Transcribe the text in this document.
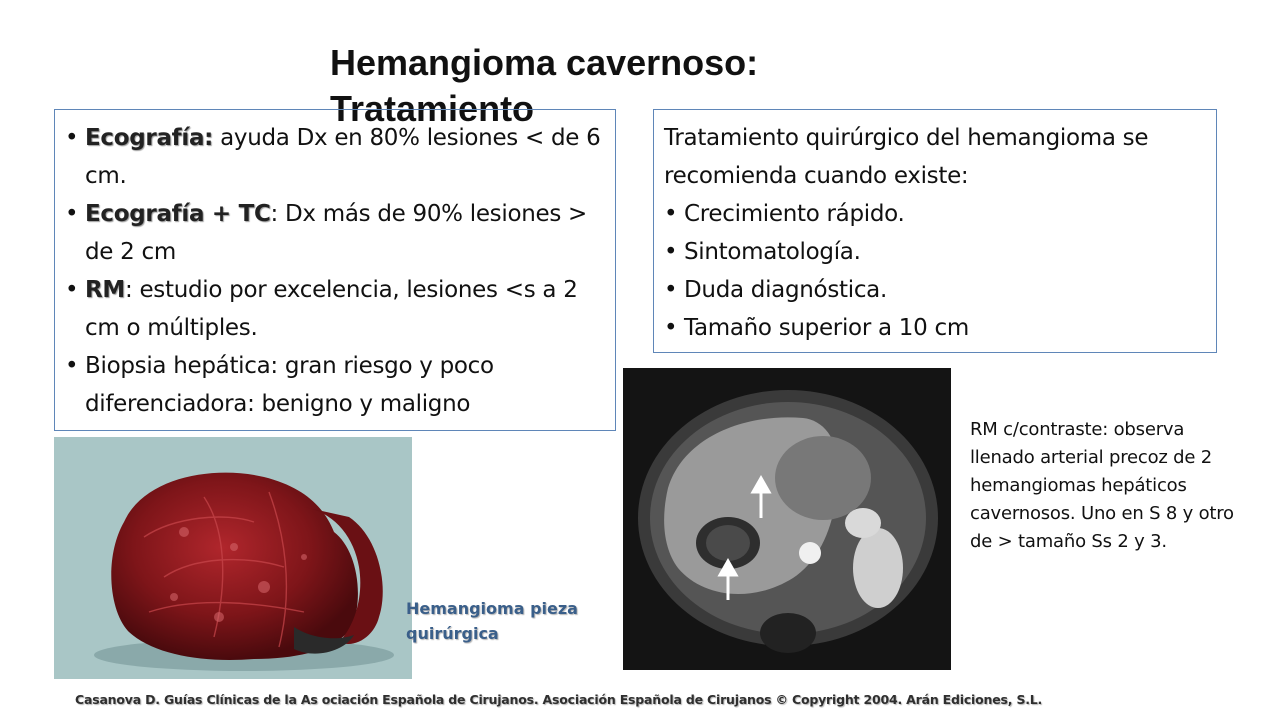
Hemangioma cavernoso: Tratamiento
• Ecografía: ayuda Dx en 80% lesiones < de 6 cm.
• Ecografía + TC: Dx más de 90% lesiones > de 2 cm
• RM: estudio por excelencia, lesiones <s a 2 cm o múltiples.
• Biopsia hepática: gran riesgo y poco diferenciadora: benigno y maligno

Tratamiento quirúrgico del hemangioma se recomienda cuando existe:

• Crecimiento rápido.
• Sintomatología.
• Duda diagnóstica.
• Tamaño superior a 10 cm
Hemangioma pieza quirúrgica
RM c/contraste: observa llenado arterial precoz de 2 hemangiomas hepáticos cavernosos. Uno en S 8 y otro de > tamaño Ss 2 y 3.
Casanova D. Guías Clínicas de la As ociación Española de Cirujanos. Asociación Española de Cirujanos © Copyright 2004. Arán Ediciones, S.L.
